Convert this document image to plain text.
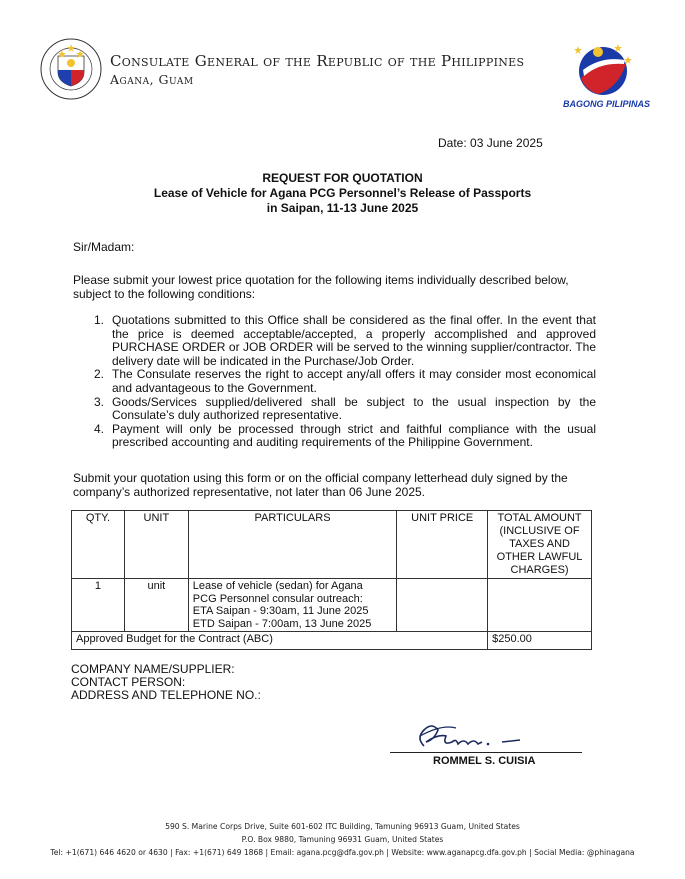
Consulate General of the Republic of the Philippines
Agana, Guam
BAGONG PILIPINAS
Date: 03 June 2025
REQUEST FOR QUOTATION
Lease of Vehicle for Agana PCG Personnel’s Release of Passports
in Saipan, 11-13 June 2025
Sir/Madam:
Please submit your lowest price quotation for the following items individually described below,
subject to the following conditions:
1. Quotations submitted to this Office shall be considered as the final offer. In the event that the price is deemed acceptable/accepted, a properly accomplished and approved PURCHASE ORDER or JOB ORDER will be served to the winning supplier/contractor. The delivery date will be indicated in the Purchase/Job Order.
2. The Consulate reserves the right to accept any/all offers it may consider most economical and advantageous to the Government.
3. Goods/Services supplied/delivered shall be subject to the usual inspection by the Consulate’s duly authorized representative.
4. Payment will only be processed through strict and faithful compliance with the usual prescribed accounting and auditing requirements of the Philippine Government.
Submit your quotation using this form or on the official company letterhead duly signed by the
company’s authorized representative, not later than 06 June 2025.
QTY.	UNIT	PARTICULARS	UNIT PRICE	TOTAL AMOUNT (INCLUSIVE OF TAXES AND OTHER LAWFUL CHARGES)
1	unit	Lease of vehicle (sedan) for Agana
PCG Personnel consular outreach:
ETA Saipan - 9:30am, 11 June 2025
ETD Saipan - 7:00am, 13 June 2025		

Approved Budget for the Contract (ABC)				$250.00
COMPANY NAME/SUPPLIER:
CONTACT PERSON:
ADDRESS AND TELEPHONE NO.:
ROMMEL S. CUISIA
590 S. Marine Corps Drive, Suite 601-602 ITC Building, Tamuning 96913 Guam, United States
P.O. Box 9880, Tamuning 96931 Guam, United States
Tel: +1(671) 646 4620 or 4630 | Fax: +1(671) 649 1868 | Email: agana.pcg@dfa.gov.ph | Website: www.aganapcg.dfa.gov.ph | Social Media: @phinagana
